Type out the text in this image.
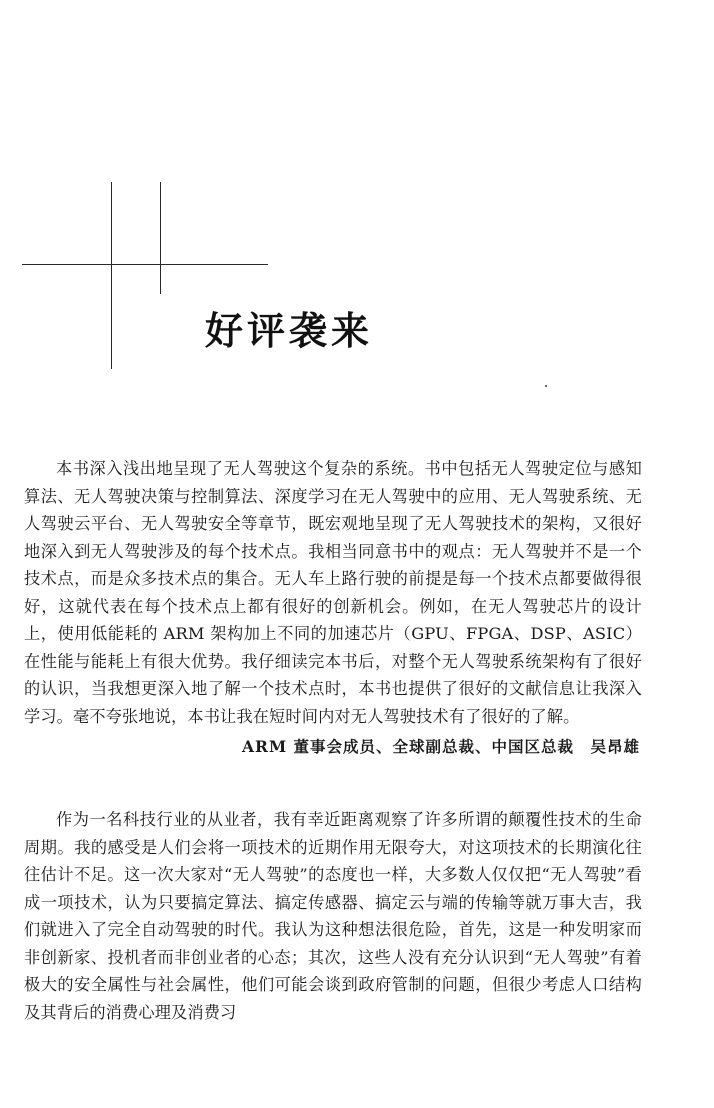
好评袭来

本书深入浅出地呈现了无人驾驶这个复杂的系统。书中包括无人驾驶定位与感知算法、无人驾驶决策与控制算法、深度学习在无人驾驶中的应用、无人驾驶系统、无人驾驶云平台、无人驾驶安全等章节，既宏观地呈现了无人驾驶技术的架构，又很好地深入到无人驾驶涉及的每个技术点。我相当同意书中的观点：无人驾驶并不是一个技术点，而是众多技术点的集合。无人车上路行驶的前提是每一个技术点都要做得很好，这就代表在每个技术点上都有很好的创新机会。例如，在无人驾驶芯片的设计上，使用低能耗的 ARM 架构加上不同的加速芯片（GPU、FPGA、DSP、ASIC）在性能与能耗上有很大优势。我仔细读完本书后，对整个无人驾驶系统架构有了很好的认识，当我想更深入地了解一个技术点时，本书也提供了很好的文献信息让我深入学习。毫不夸张地说，本书让我在短时间内对无人驾驶技术有了很好的了解。

ARM 董事会成员、全球副总裁、中国区总裁　吴昂雄

作为一名科技行业的从业者，我有幸近距离观察了许多所谓的颠覆性技术的生命周期。我的感受是人们会将一项技术的近期作用无限夸大，对这项技术的长期演化往往估计不足。这一次大家对“无人驾驶”的态度也一样，大多数人仅仅把“无人驾驶”看成一项技术，认为只要搞定算法、搞定传感器、搞定云与端的传输等就万事大吉，我们就进入了完全自动驾驶的时代。我认为这种想法很危险，首先，这是一种发明家而非创新家、投机者而非创业者的心态；其次，这些人没有充分认识到“无人驾驶”有着极大的安全属性与社会属性，他们可能会谈到政府管制的问题，但很少考虑人口结构及其背后的消费心理及消费习
